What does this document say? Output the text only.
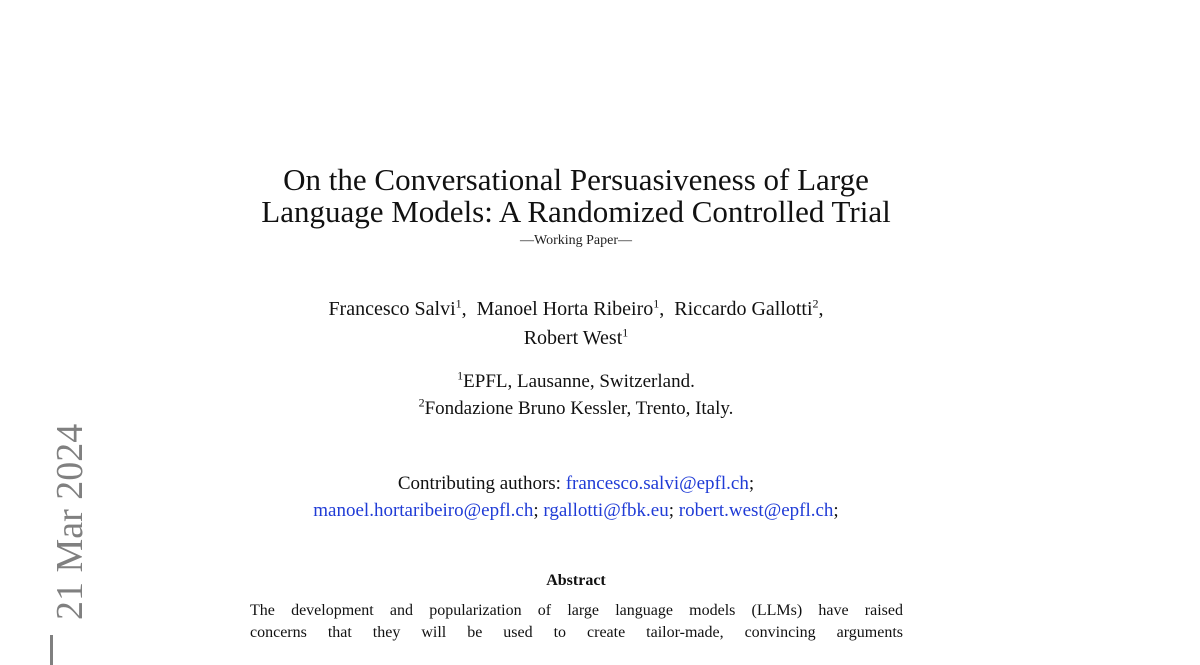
21 Mar 2024
On the Conversational Persuasiveness of Large
Language Models: A Randomized Controlled Trial
—Working Paper—
Francesco Salvi$^1$,  Manoel Horta Ribeiro$^1$,  Riccardo Gallotti$^2$,
Robert West$^1$
$^1$EPFL, Lausanne, Switzerland.
$^2$Fondazione Bruno Kessler, Trento, Italy.
Contributing authors: francesco.salvi@epfl.ch;
manoel.hortaribeiro@epfl.ch; rgallotti@fbk.eu; robert.west@epfl.ch;
Abstract
The development and popularization of large language models (LLMs) have raised
concerns that they will be used to create tailor-made, convincing arguments
